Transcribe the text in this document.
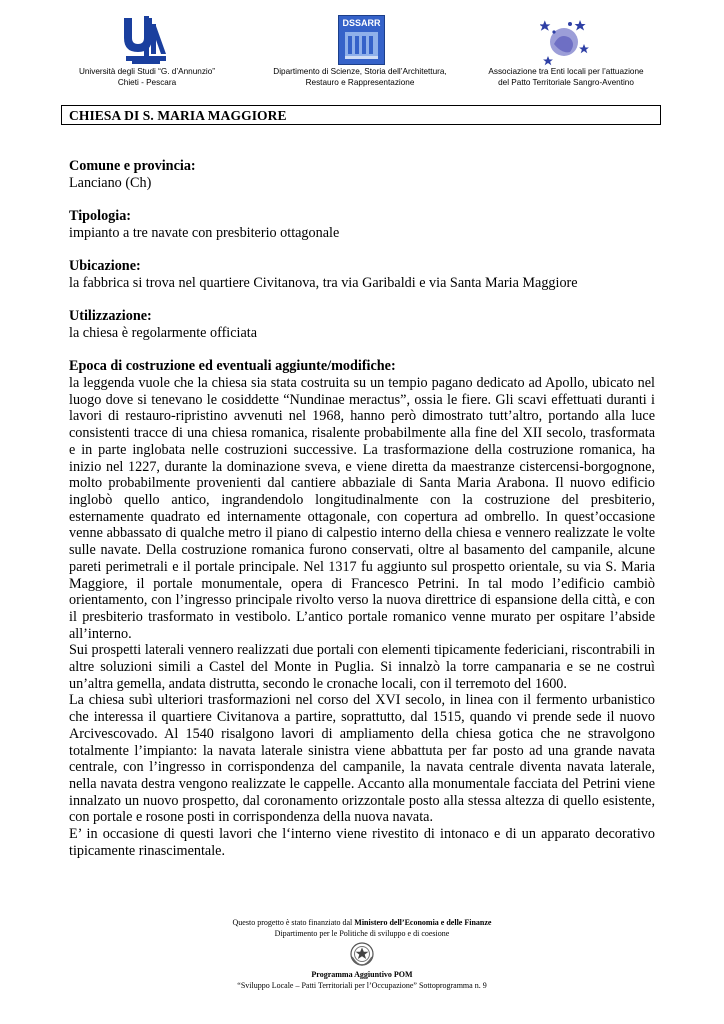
DSSARR
Università degli Studi “G. d’Annunzio”
Chieti - Pescara
Dipartimento di Scienze, Storia dell’Architettura,
Restauro e Rappresentazione
Associazione tra Enti locali per l’attuazione
del Patto Territoriale Sangro-Aventino
CHIESA DI S. MARIA MAGGIORE

Comune e provincia:

Lanciano (Ch)

Tipologia:

impianto a tre navate con presbiterio ottagonale

Ubicazione:

la fabbrica si trova nel quartiere Civitanova, tra via Garibaldi e via Santa Maria Maggiore

Utilizzazione:

la chiesa è regolarmente officiata

Epoca di costruzione ed eventuali aggiunte/modifiche:

la leggenda vuole che la chiesa sia stata costruita su un tempio pagano dedicato ad Apollo, ubicato nel luogo dove si tenevano le cosiddette “Nundinae meractus”, ossia le fiere. Gli scavi effettuati duranti i lavori di restauro-ripristino avvenuti nel 1968, hanno però dimostrato tutt’altro, portando alla luce consistenti tracce di una chiesa romanica, risalente probabilmente alla fine del XII secolo, trasformata e in parte inglobata nelle costruzioni successive. La trasformazione della costruzione romanica, ha inizio nel 1227, durante la dominazione sveva, e viene diretta da maestranze cistercensi-borgognone, molto probabilmente provenienti dal cantiere abbaziale di Santa Maria Arabona. Il nuovo edificio inglobò quello antico, ingrandendolo longitudinalmente con la costruzione del presbiterio, esternamente quadrato ed internamente ottagonale, con copertura ad ombrello. In quest’occasione venne abbassato di qualche metro il piano di calpestio interno della chiesa e vennero realizzate le volte sulle navate. Della costruzione romanica furono conservati, oltre al basamento del campanile, alcune pareti perimetrali e il portale principale. Nel 1317 fu aggiunto sul prospetto orientale, su via S. Maria Maggiore, il portale monumentale, opera di Francesco Petrini. In tal modo l’edificio cambiò orientamento, con l’ingresso principale rivolto verso la nuova direttrice di espansione della città, e con il presbiterio trasformato in vestibolo. L’antico portale romanico venne murato per ospitare l’abside all’interno.

Sui prospetti laterali vennero realizzati due portali con elementi tipicamente federiciani, riscontrabili in altre soluzioni simili a Castel del Monte in Puglia. Si innalzò la torre campanaria e se ne costruì un’altra gemella, andata distrutta, secondo le cronache locali, con il terremoto del 1600.

La chiesa subì ulteriori trasformazioni nel corso del XVI secolo, in linea con il fermento urbanistico che interessa il quartiere Civitanova a partire, soprattutto, dal 1515, quando vi prende sede il nuovo Arcivescovado. Al 1540 risalgono lavori di ampliamento della chiesa gotica che ne stravolgono totalmente l’impianto: la navata laterale sinistra viene abbattuta per far posto ad una grande navata centrale, con l’ingresso in corrispondenza del campanile, la navata centrale diventa navata laterale, nella navata destra vengono realizzate le cappelle. Accanto alla monumentale facciata del Petrini viene innalzato un nuovo prospetto, dal coronamento orizzontale posto alla stessa altezza di quello esistente, con portale e rosone posti in corrispondenza della nuova navata.

E’ in occasione di questi lavori che l‘interno viene rivestito di intonaco e di un apparato decorativo tipicamente rinascimentale.

Questo progetto è stato finanziato dal Ministero dell’Economia e delle Finanze
Dipartimento per le Politiche di sviluppo e di coesione
Programma Aggiuntivo POM
“Sviluppo Locale – Patti Territoriali per l’Occupazione” Sottoprogramma n. 9
